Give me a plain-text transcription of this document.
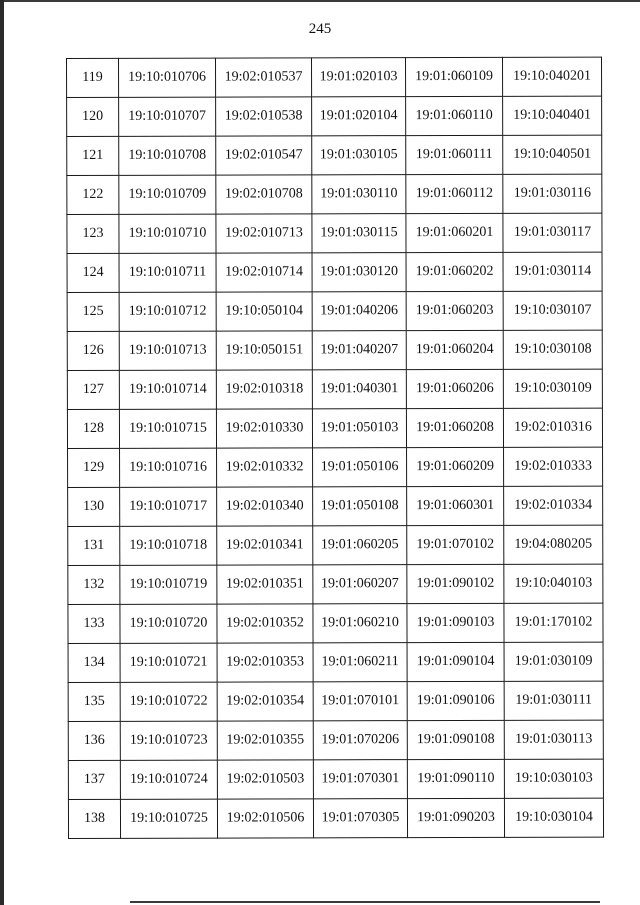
245
119	19:10:010706	19:02:010537	19:01:020103	19:01:060109	19:10:040201
120	19:10:010707	19:02:010538	19:01:020104	19:01:060110	19:10:040401
121	19:10:010708	19:02:010547	19:01:030105	19:01:060111	19:10:040501
122	19:10:010709	19:02:010708	19:01:030110	19:01:060112	19:01:030116
123	19:10:010710	19:02:010713	19:01:030115	19:01:060201	19:01:030117
124	19:10:010711	19:02:010714	19:01:030120	19:01:060202	19:01:030114
125	19:10:010712	19:10:050104	19:01:040206	19:01:060203	19:10:030107
126	19:10:010713	19:10:050151	19:01:040207	19:01:060204	19:10:030108
127	19:10:010714	19:02:010318	19:01:040301	19:01:060206	19:10:030109
128	19:10:010715	19:02:010330	19:01:050103	19:01:060208	19:02:010316
129	19:10:010716	19:02:010332	19:01:050106	19:01:060209	19:02:010333
130	19:10:010717	19:02:010340	19:01:050108	19:01:060301	19:02:010334
131	19:10:010718	19:02:010341	19:01:060205	19:01:070102	19:04:080205
132	19:10:010719	19:02:010351	19:01:060207	19:01:090102	19:10:040103
133	19:10:010720	19:02:010352	19:01:060210	19:01:090103	19:01:170102
134	19:10:010721	19:02:010353	19:01:060211	19:01:090104	19:01:030109
135	19:10:010722	19:02:010354	19:01:070101	19:01:090106	19:01:030111
136	19:10:010723	19:02:010355	19:01:070206	19:01:090108	19:01:030113
137	19:10:010724	19:02:010503	19:01:070301	19:01:090110	19:10:030103
138	19:10:010725	19:02:010506	19:01:070305	19:01:090203	19:10:030104
